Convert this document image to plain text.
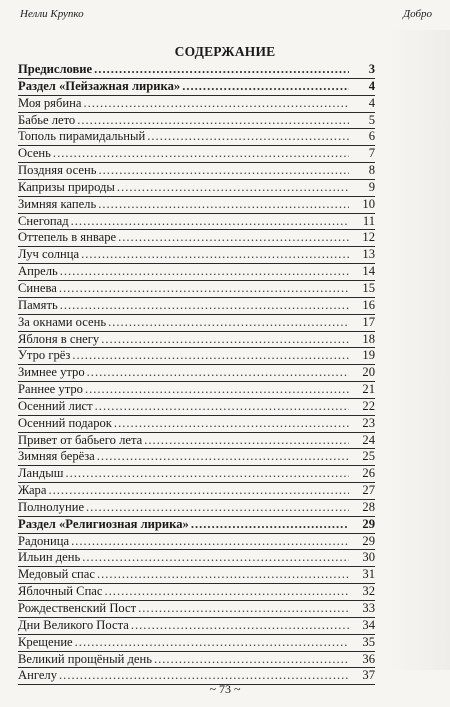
Нелли Крупко	Добро
СОДЕРЖАНИЕ
Предисловие .....	3
Раздел «Пейзажная лирика» .....	4
Моя рябина .....	4
Бабье лето .....	5
Тополь пирамидальный .....	6
Осень .....	7
Поздняя осень .....	8
Капризы природы .....	9
Зимняя капель .....	10
Снегопад .....	11
Оттепель в январе .....	12
Луч солнца .....	13
Апрель .....	14
Синева .....	15
Память .....	16
За окнами осень .....	17
Яблоня в снегу .....	18
Утро грёз .....	19
Зимнее утро .....	20
Раннее утро .....	21
Осенний лист .....	22
Осенний подарок .....	23
Привет от бабьего лета .....	24
Зимняя берёза .....	25
Ландыш .....	26
Жара .....	27
Полнолуние .....	28
Раздел «Религиозная лирика» .....	29
Радоница .....	29
Ильин день .....	30
Медовый спас .....	31
Яблочный Спас .....	32
Рождественский Пост .....	33
Дни Великого Поста .....	34
Крещение .....	35
Великий прощёный день .....	36
Ангелу .....	37
~ 73 ~
